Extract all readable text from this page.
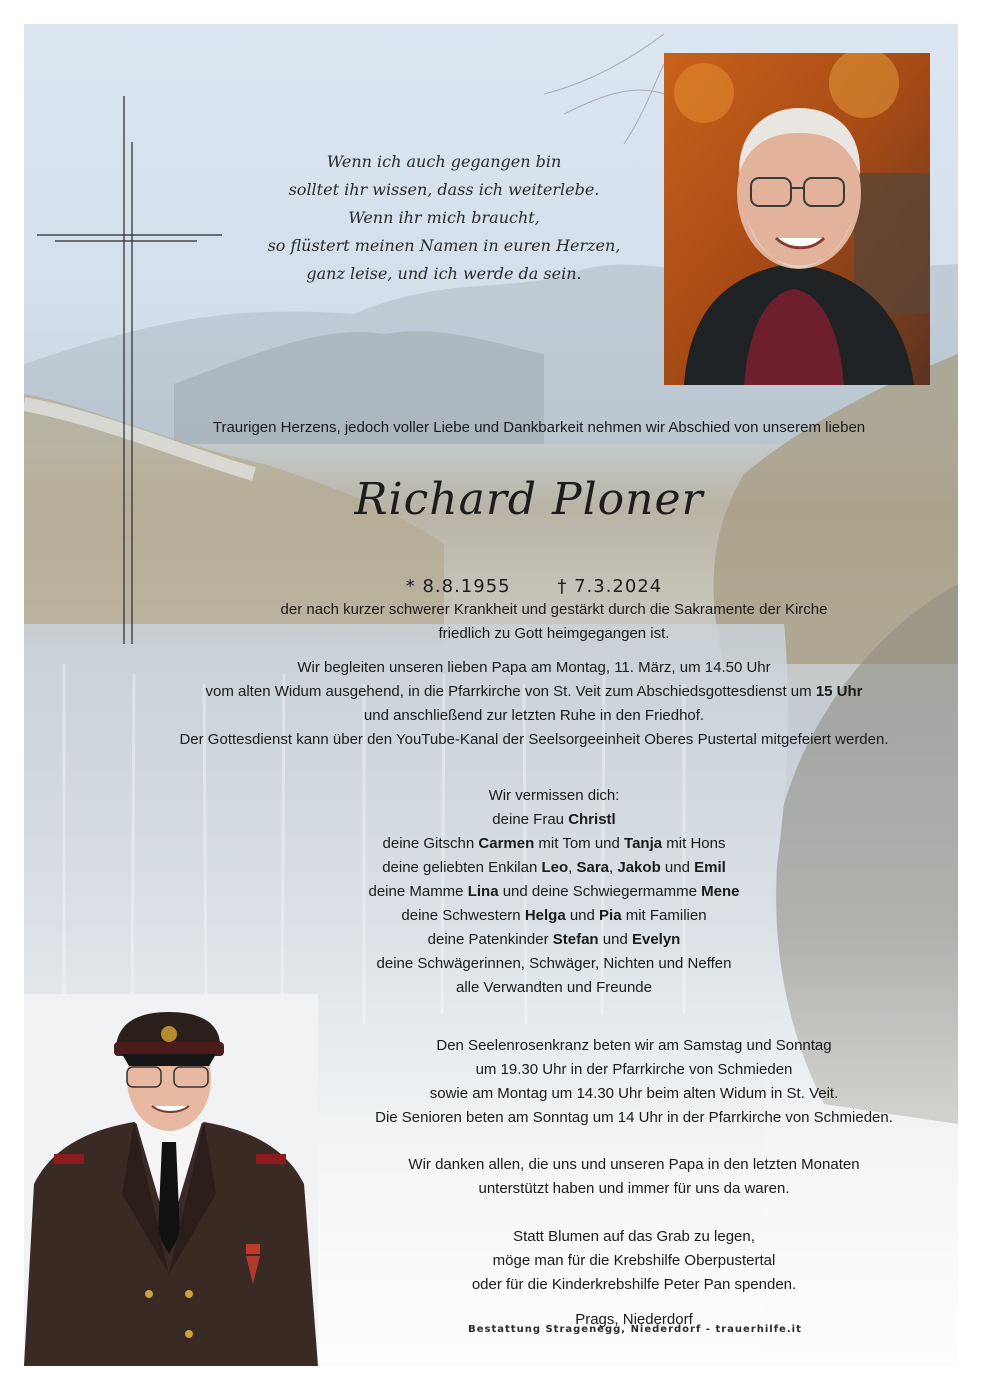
Wenn ich auch gegangen bin
solltet ihr wissen, dass ich weiterlebe.
Wenn ihr mich braucht,
so flüstert meinen Namen in euren Herzen,
ganz leise, und ich werde da sein.
Traurigen Herzens, jedoch voller Liebe und Dankbarkeit nehmen wir Abschied von unserem lieben
Richard Ploner
* 8.8.1955	† 7.3.2024
der nach kurzer schwerer Krankheit und gestärkt durch die Sakramente der Kirche
friedlich zu Gott heimgegangen ist.
Wir begleiten unseren lieben Papa am Montag, 11. März, um 14.50 Uhr
vom alten Widum ausgehend, in die Pfarrkirche von St. Veit zum Abschiedsgottesdienst um 15 Uhr
und anschließend zur letzten Ruhe in den Friedhof.
Der Gottesdienst kann über den YouTube-Kanal der Seelsorgeeinheit Oberes Pustertal mitgefeiert werden.
Wir vermissen dich:
deine Frau Christl
deine Gitschn Carmen mit Tom und Tanja mit Hons
deine geliebten Enkilan Leo, Sara, Jakob und Emil
deine Mamme Lina und deine Schwiegermamme Mene
deine Schwestern Helga und Pia mit Familien
deine Patenkinder Stefan und Evelyn
deine Schwägerinnen, Schwäger, Nichten und Neffen
alle Verwandten und Freunde
Den Seelenrosenkranz beten wir am Samstag und Sonntag
um 19.30 Uhr in der Pfarrkirche von Schmieden
sowie am Montag um 14.30 Uhr beim alten Widum in St. Veit.
Die Senioren beten am Sonntag um 14 Uhr in der Pfarrkirche von Schmieden.
Wir danken allen, die uns und unseren Papa in den letzten Monaten
unterstützt haben und immer für uns da waren.
Statt Blumen auf das Grab zu legen,
möge man für die Krebshilfe Oberpustertal
oder für die Kinderkrebshilfe Peter Pan spenden.
Prags, Niederdorf
Bestattung Stragenegg, Niederdorf - trauerhilfe.it
